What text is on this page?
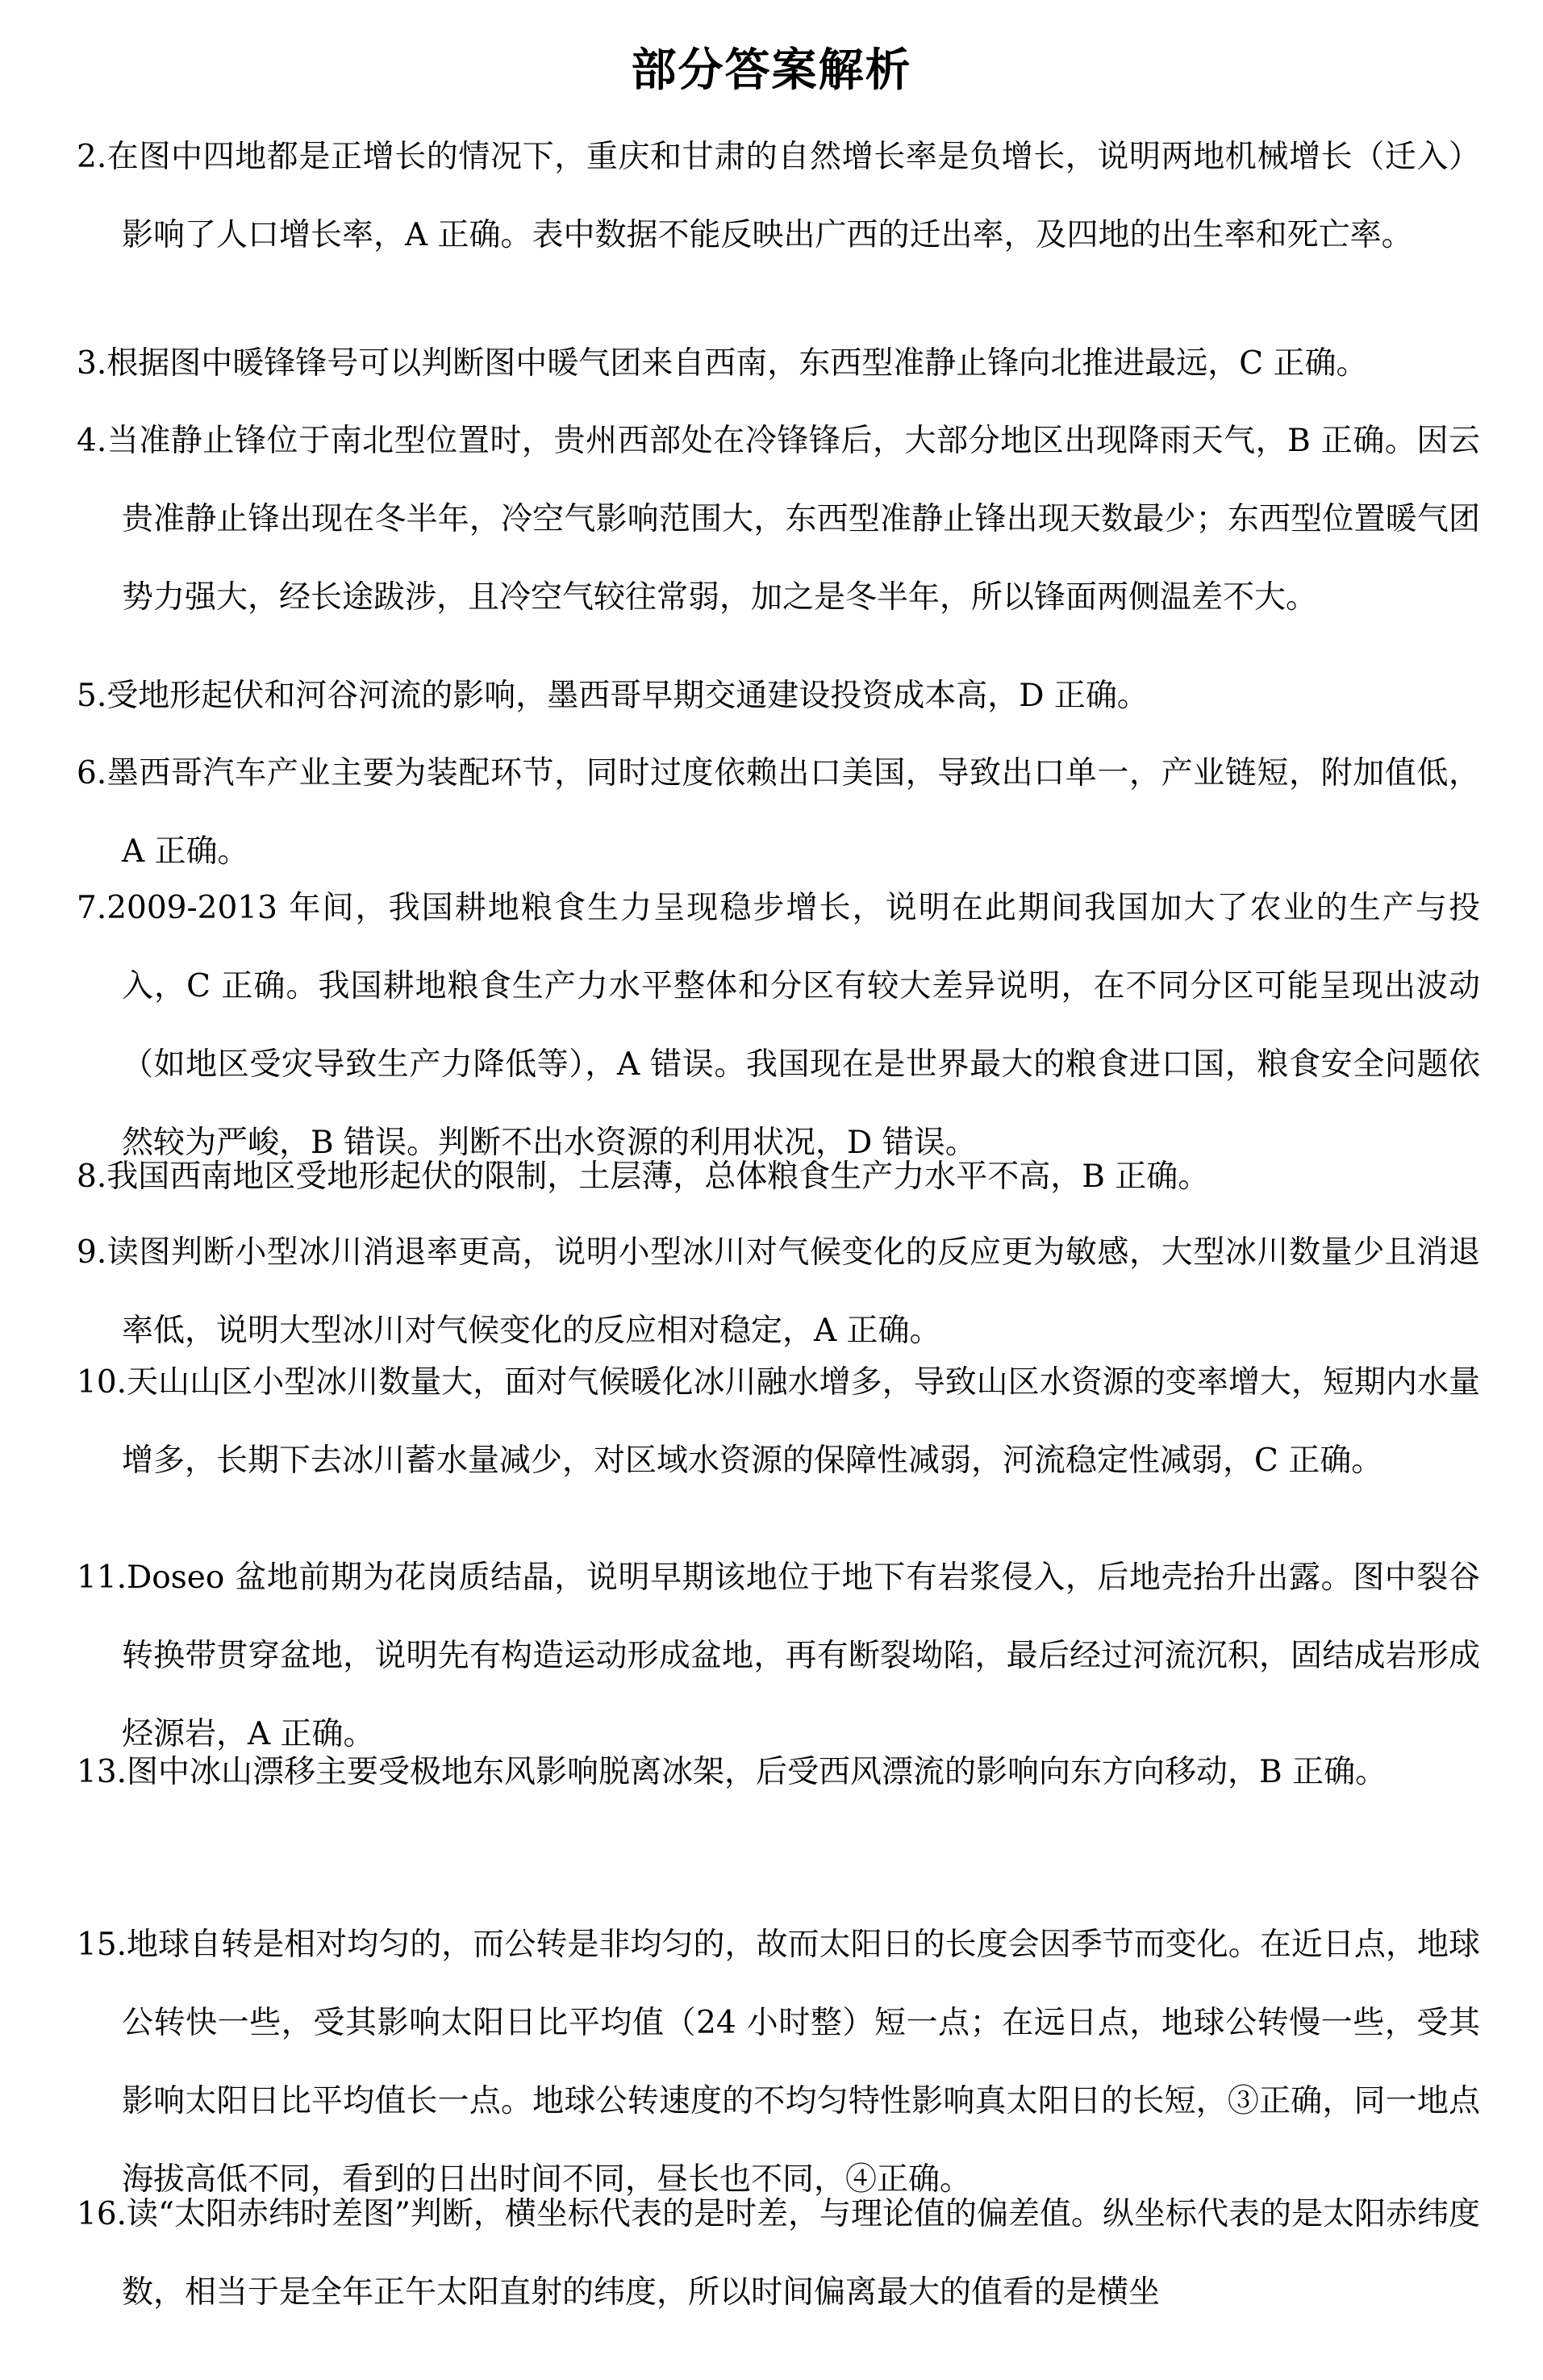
部分答案解析
2.在图中四地都是正增长的情况下，重庆和甘肃的自然增长率是负增长，说明两地机械增长（迁入）影响了人口增长率，A 正确。表中数据不能反映出广西的迁出率，及四地的出生率和死亡率。
3.根据图中暖锋锋号可以判断图中暖气团来自西南，东西型准静止锋向北推进最远，C 正确。
4.当准静止锋位于南北型位置时，贵州西部处在冷锋锋后，大部分地区出现降雨天气，B 正确。因云贵准静止锋出现在冬半年，冷空气影响范围大，东西型准静止锋出现天数最少；东西型位置暖气团势力强大，经长途跋涉，且冷空气较往常弱，加之是冬半年，所以锋面两侧温差不大。
5.受地形起伏和河谷河流的影响，墨西哥早期交通建设投资成本高，D 正确。
6.墨西哥汽车产业主要为装配环节，同时过度依赖出口美国，导致出口单一，产业链短，附加值低，A 正确。
7.2009-2013 年间，我国耕地粮食生力呈现稳步增长，说明在此期间我国加大了农业的生产与投入，C 正确。我国耕地粮食生产力水平整体和分区有较大差异说明，在不同分区可能呈现出波动（如地区受灾导致生产力降低等），A 错误。我国现在是世界最大的粮食进口国，粮食安全问题依然较为严峻，B 错误。判断不出水资源的利用状况，D 错误。
8.我国西南地区受地形起伏的限制，土层薄，总体粮食生产力水平不高，B 正确。
9.读图判断小型冰川消退率更高，说明小型冰川对气候变化的反应更为敏感，大型冰川数量少且消退率低，说明大型冰川对气候变化的反应相对稳定，A 正确。
10.天山山区小型冰川数量大，面对气候暖化冰川融水增多，导致山区水资源的变率增大，短期内水量增多，长期下去冰川蓄水量减少，对区域水资源的保障性减弱，河流稳定性减弱，C 正确。
11.Doseo 盆地前期为花岗质结晶，说明早期该地位于地下有岩浆侵入，后地壳抬升出露。图中裂谷转换带贯穿盆地，说明先有构造运动形成盆地，再有断裂坳陷，最后经过河流沉积，固结成岩形成烃源岩，A 正确。
13.图中冰山漂移主要受极地东风影响脱离冰架，后受西风漂流的影响向东方向移动，B 正确。
15.地球自转是相对均匀的，而公转是非均匀的，故而太阳日的长度会因季节而变化。在近日点，地球公转快一些，受其影响太阳日比平均值（24 小时整）短一点；在远日点，地球公转慢一些，受其影响太阳日比平均值长一点。地球公转速度的不均匀特性影响真太阳日的长短，③正确，同一地点海拔高低不同，看到的日出时间不同，昼长也不同，④正确。
16.读“太阳赤纬时差图”判断，横坐标代表的是时差，与理论值的偏差值。纵坐标代表的是太阳赤纬度数，相当于是全年正午太阳直射的纬度，所以时间偏离最大的值看的是横坐
